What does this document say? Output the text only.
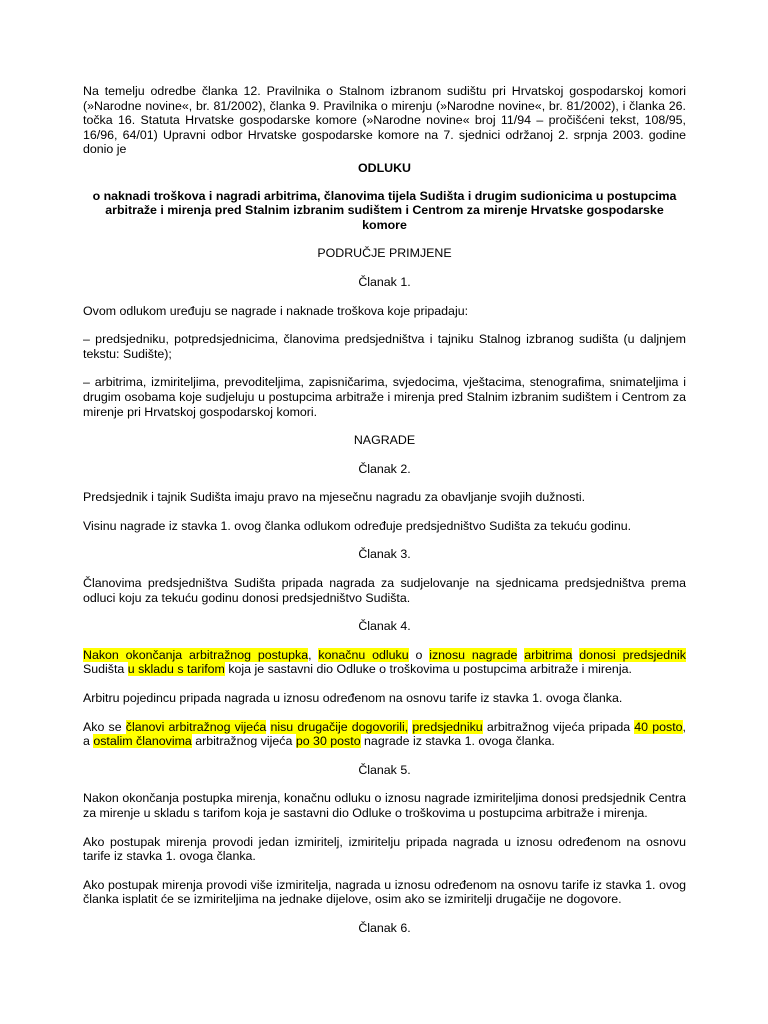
Na temelju odredbe članka 12. Pravilnika o Stalnom izbranom sudištu pri Hrvatskoj gospodarskoj komori (»Narodne novine«, br. 81/2002), članka 9. Pravilnika o mirenju (»Narodne novine«, br. 81/2002), i članka 26. točka 16. Statuta Hrvatske gospodarske komore (»Narodne novine« broj 11/94 – pročišćeni tekst, 108/95, 16/96, 64/01) Upravni odbor Hrvatske gospodarske komore na 7. sjednici održanoj 2. srpnja 2003. godine donio je

ODLUKU

o naknadi troškova i nagradi arbitrima, članovima tijela Sudišta i drugim sudionicima u postupcima arbitraže i mirenja pred Stalnim izbranim sudištem i Centrom za mirenje Hrvatske gospodarske komore

PODRUČJE PRIMJENE

Članak 1.

Ovom odlukom uređuju se nagrade i naknade troškova koje pripadaju:

– predsjedniku, potpredsjednicima, članovima predsjedništva i tajniku Stalnog izbranog sudišta (u daljnjem tekstu: Sudište);

– arbitrima, izmiriteljima, prevoditeljima, zapisničarima, svjedocima, vještacima, stenografima, snimateljima i drugim osobama koje sudjeluju u postupcima arbitraže i mirenja pred Stalnim izbranim sudištem i Centrom za mirenje pri Hrvatskoj gospodarskoj komori.

NAGRADE

Članak 2.

Predsjednik i tajnik Sudišta imaju pravo na mjesečnu nagradu za obavljanje svojih dužnosti.

Visinu nagrade iz stavka 1. ovog članka odlukom određuje predsjedništvo Sudišta za tekuću godinu.

Članak 3.

Članovima predsjedništva Sudišta pripada nagrada za sudjelovanje na sjednicama predsjedništva prema odluci koju za tekuću godinu donosi predsjedništvo Sudišta.

Članak 4.

Nakon okončanja arbitražnog postupka, konačnu odluku o iznosu nagrade arbitrima donosi predsjednik Sudišta u skladu s tarifom koja je sastavni dio Odluke o troškovima u postupcima arbitraže i mirenja.

Arbitru pojedincu pripada nagrada u iznosu određenom na osnovu tarife iz stavka 1. ovoga članka.

Ako se članovi arbitražnog vijeća nisu drugačije dogovorili, predsjedniku arbitražnog vijeća pripada 40 posto, a ostalim članovima arbitražnog vijeća po 30 posto nagrade iz stavka 1. ovoga članka.

Članak 5.

Nakon okončanja postupka mirenja, konačnu odluku o iznosu nagrade izmiriteljima donosi predsjednik Centra za mirenje u skladu s tarifom koja je sastavni dio Odluke o troškovima u postupcima arbitraže i mirenja.

Ako postupak mirenja provodi jedan izmiritelj, izmiritelju pripada nagrada u iznosu određenom na osnovu tarife iz stavka 1. ovoga članka.

Ako postupak mirenja provodi više izmiritelja, nagrada u iznosu određenom na osnovu tarife iz stavka 1. ovog članka isplatit će se izmiriteljima na jednake dijelove, osim ako se izmiritelji drugačije ne dogovore.

Članak 6.
